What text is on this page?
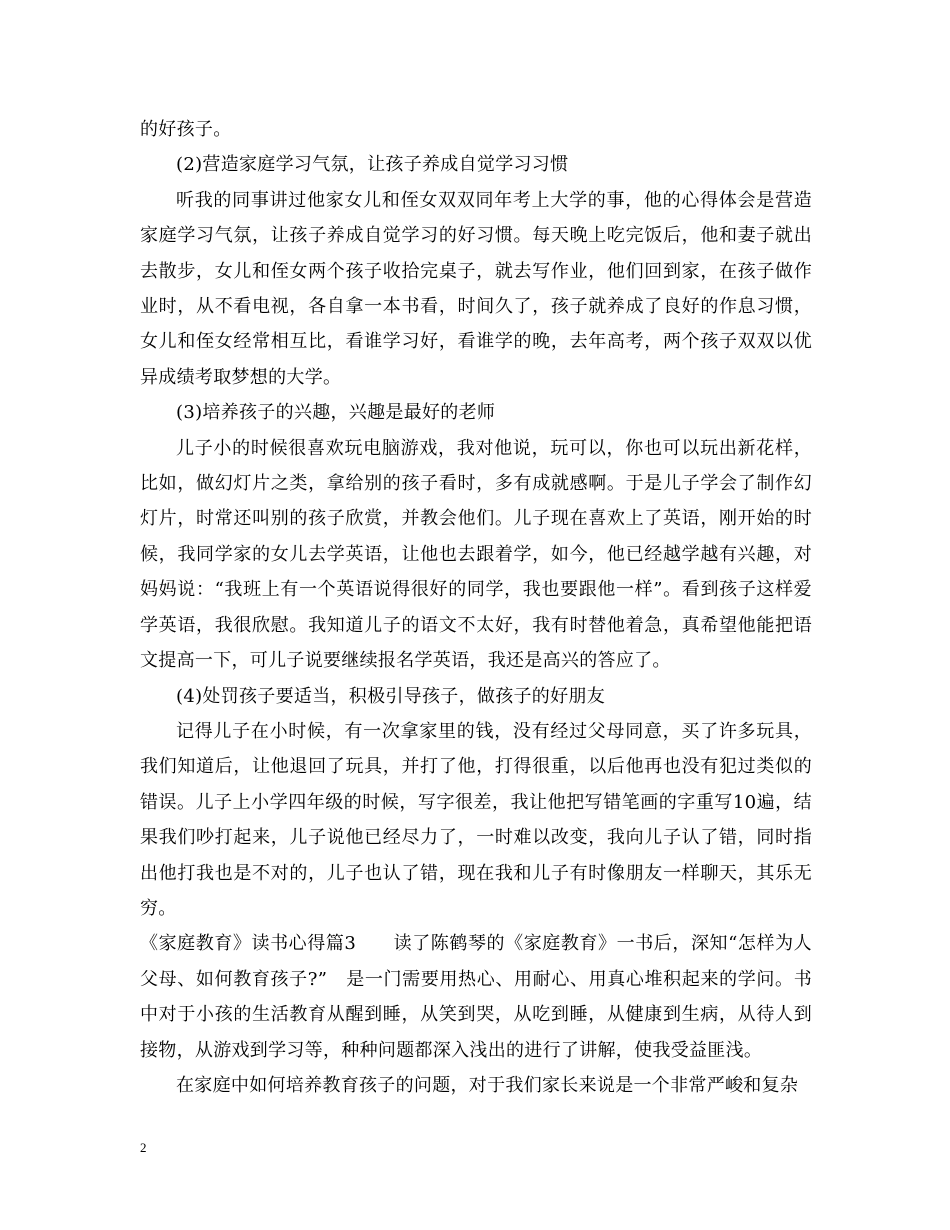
的好孩子。

(2)营造家庭学习气氛，让孩子养成自觉学习习惯

听我的同事讲过他家女儿和侄女双双同年考上大学的事，他的心得体会是营造家庭学习气氛，让孩子养成自觉学习的好习惯。每天晚上吃完饭后，他和妻子就出去散步，女儿和侄女两个孩子收拾完桌子，就去写作业，他们回到家，在孩子做作业时，从不看电视，各自拿一本书看，时间久了，孩子就养成了良好的作息习惯，女儿和侄女经常相互比，看谁学习好，看谁学的晚，去年高考，两个孩子双双以优异成绩考取梦想的大学。

(3)培养孩子的兴趣，兴趣是最好的老师

儿子小的时候很喜欢玩电脑游戏，我对他说，玩可以，你也可以玩出新花样，比如，做幻灯片之类，拿给别的孩子看时，多有成就感啊。于是儿子学会了制作幻灯片，时常还叫别的孩子欣赏，并教会他们。儿子现在喜欢上了英语，刚开始的时候，我同学家的女儿去学英语，让他也去跟着学，如今，他已经越学越有兴趣，对妈妈说：“我班上有一个英语说得很好的同学，我也要跟他一样”。看到孩子这样爱学英语，我很欣慰。我知道儿子的语文不太好，我有时替他着急，真希望他能把语文提高一下，可儿子说要继续报名学英语，我还是高兴的答应了。

(4)处罚孩子要适当，积极引导孩子，做孩子的好朋友

记得儿子在小时候，有一次拿家里的钱，没有经过父母同意，买了许多玩具，我们知道后，让他退回了玩具，并打了他，打得很重，以后他再也没有犯过类似的错误。儿子上小学四年级的时候，写字很差，我让他把写错笔画的字重写10遍，结果我们吵打起来，儿子说他已经尽力了，一时难以改变，我向儿子认了错，同时指出他打我也是不对的，儿子也认了错，现在我和儿子有时像朋友一样聊天，其乐无穷。

《家庭教育》读书心得篇3　　读了陈鹤琴的《家庭教育》一书后，深知“怎样为人父母、如何教育孩子?”　是一门需要用热心、用耐心、用真心堆积起来的学问。书中对于小孩的生活教育从醒到睡，从笑到哭，从吃到睡，从健康到生病，从待人到接物，从游戏到学习等，种种问题都深入浅出的进行了讲解，使我受益匪浅。

在家庭中如何培养教育孩子的问题，对于我们家长来说是一个非常严峻和复杂

2
